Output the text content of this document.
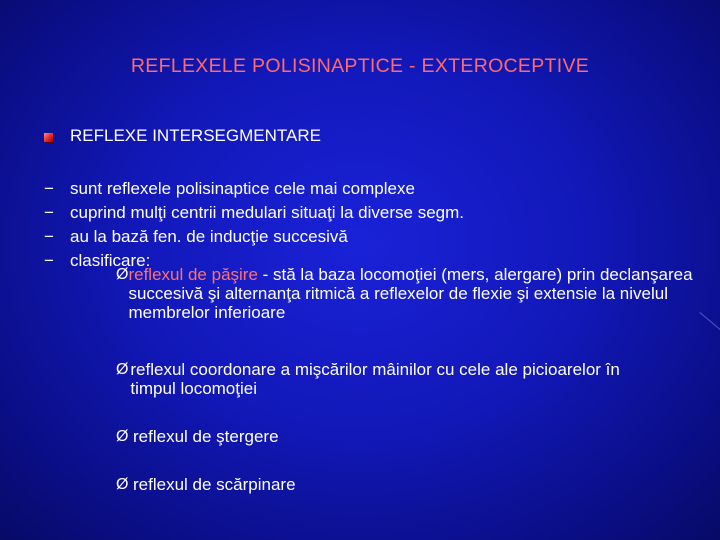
REFLEXELE POLISINAPTICE - EXTEROCEPTIVE
REFLEXE INTERSEGMENTARE
− sunt reflexele polisinaptice cele mai complexe
− cuprind mulţi centrii medulari situaţi la diverse segm.
− au la bază fen. de inducţie succesivă
− clasificare:
Ø reflexul de păşire - stă la baza locomoţiei (mers, alergare) prin declanşarea succesivă şi alternanţa ritmică a reflexelor de flexie şi extensie la nivelul membrelor inferioare
Ø reflexul coordonare a mişcărilor mâinilor cu cele ale picioarelor în timpul locomoţiei
Ø reflexul de ştergere
Ø reflexul de scărpinare
